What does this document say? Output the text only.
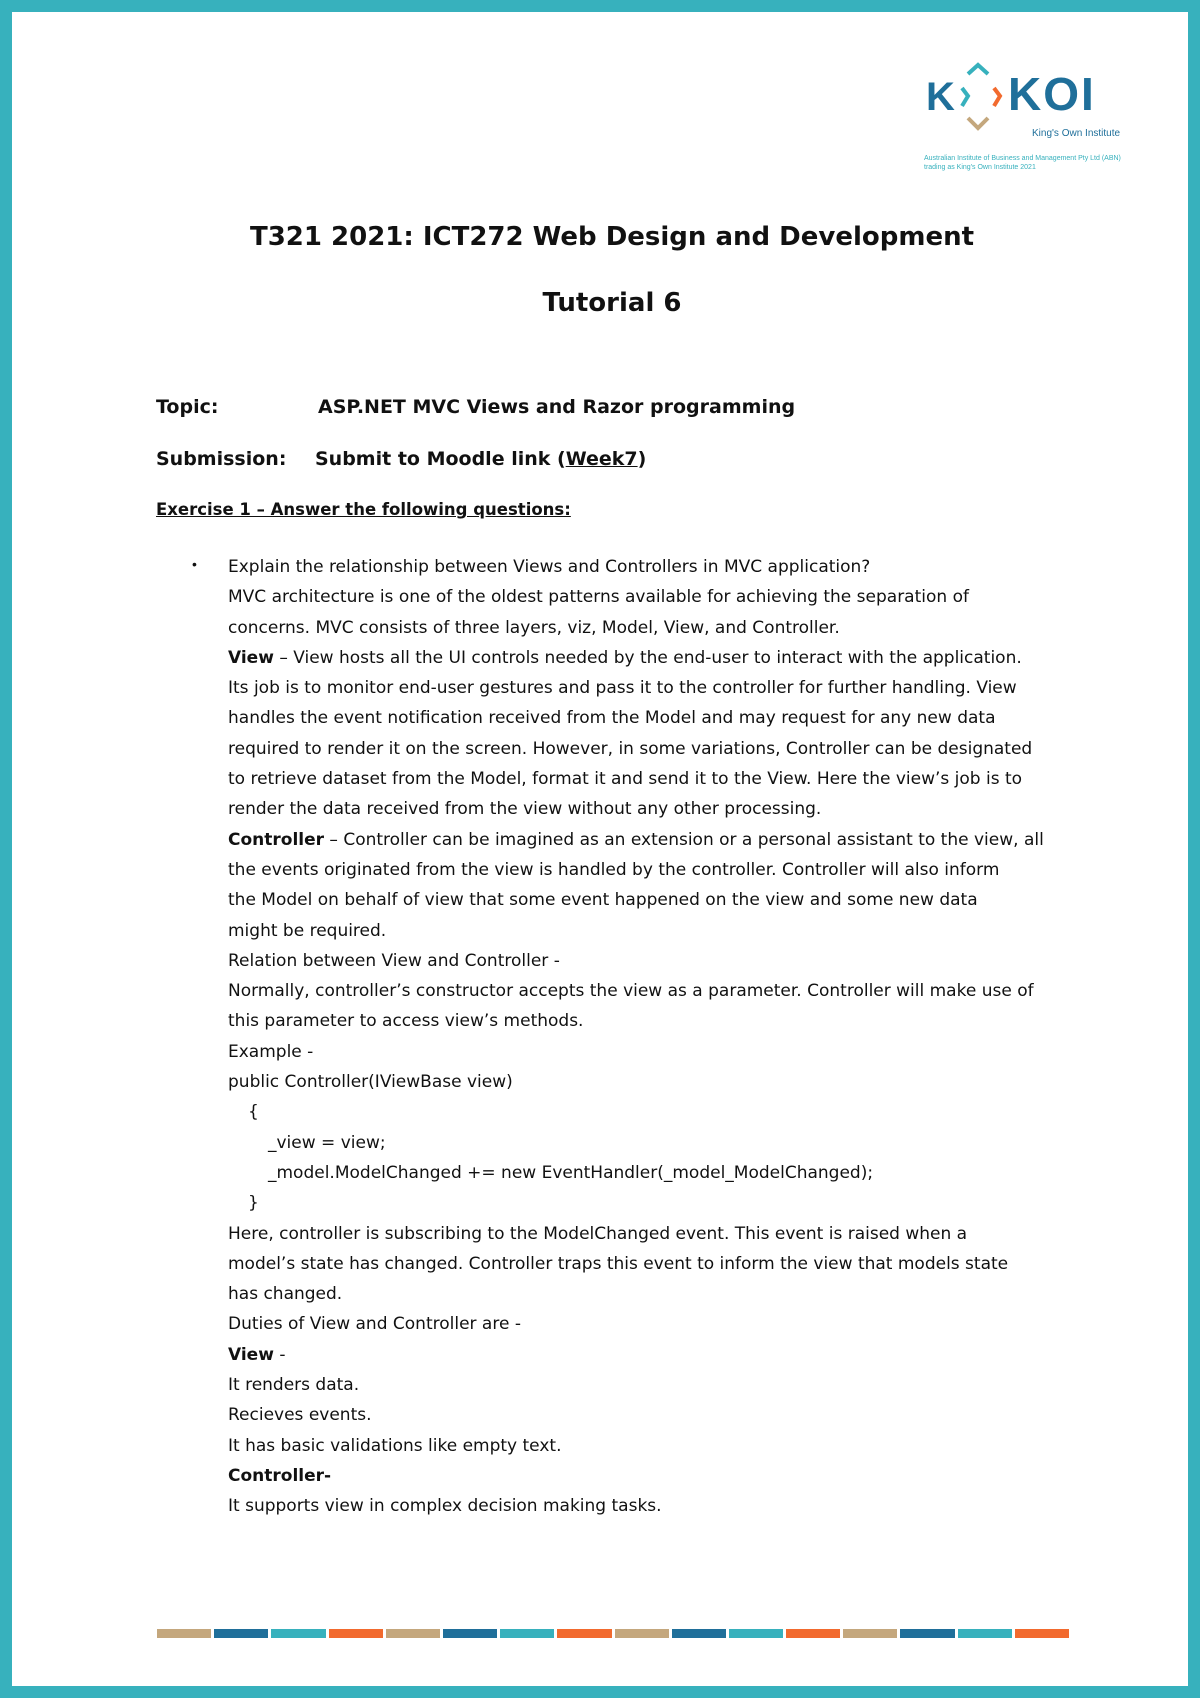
K KOI
King's Own Institute
Australian Institute of Business and Management Pty Ltd (ABN)
trading as King's Own Institute 2021
T321 2021: ICT272 Web Design and Development
Tutorial 6
Topic:	ASP.NET MVC Views and Razor programming
Submission: Submit to Moodle link (Week7)
Exercise 1 – Answer the following questions:
• Explain the relationship between Views and Controllers in MVC application?
MVC architecture is one of the oldest patterns available for achieving the separation of
concerns. MVC consists of three layers, viz, Model, View, and Controller.
View – View hosts all the UI controls needed by the end-user to interact with the application.
Its job is to monitor end-user gestures and pass it to the controller for further handling. View
handles the event notification received from the Model and may request for any new data
required to render it on the screen. However, in some variations, Controller can be designated
to retrieve dataset from the Model, format it and send it to the View. Here the view’s job is to
render the data received from the view without any other processing.
Controller – Controller can be imagined as an extension or a personal assistant to the view, all
the events originated from the view is handled by the controller. Controller will also inform
the Model on behalf of view that some event happened on the view and some new data
might be required.
Relation between View and Controller -
Normally, controller’s constructor accepts the view as a parameter. Controller will make use of
this parameter to access view’s methods.
Example -
public Controller(IViewBase view)
{
_view = view;
_model.ModelChanged += new EventHandler(_model_ModelChanged);
}
Here, controller is subscribing to the ModelChanged event. This event is raised when a
model’s state has changed. Controller traps this event to inform the view that models state
has changed.
Duties of View and Controller are -
View -
It renders data.
Recieves events.
It has basic validations like empty text.
Controller-
It supports view in complex decision making tasks.
